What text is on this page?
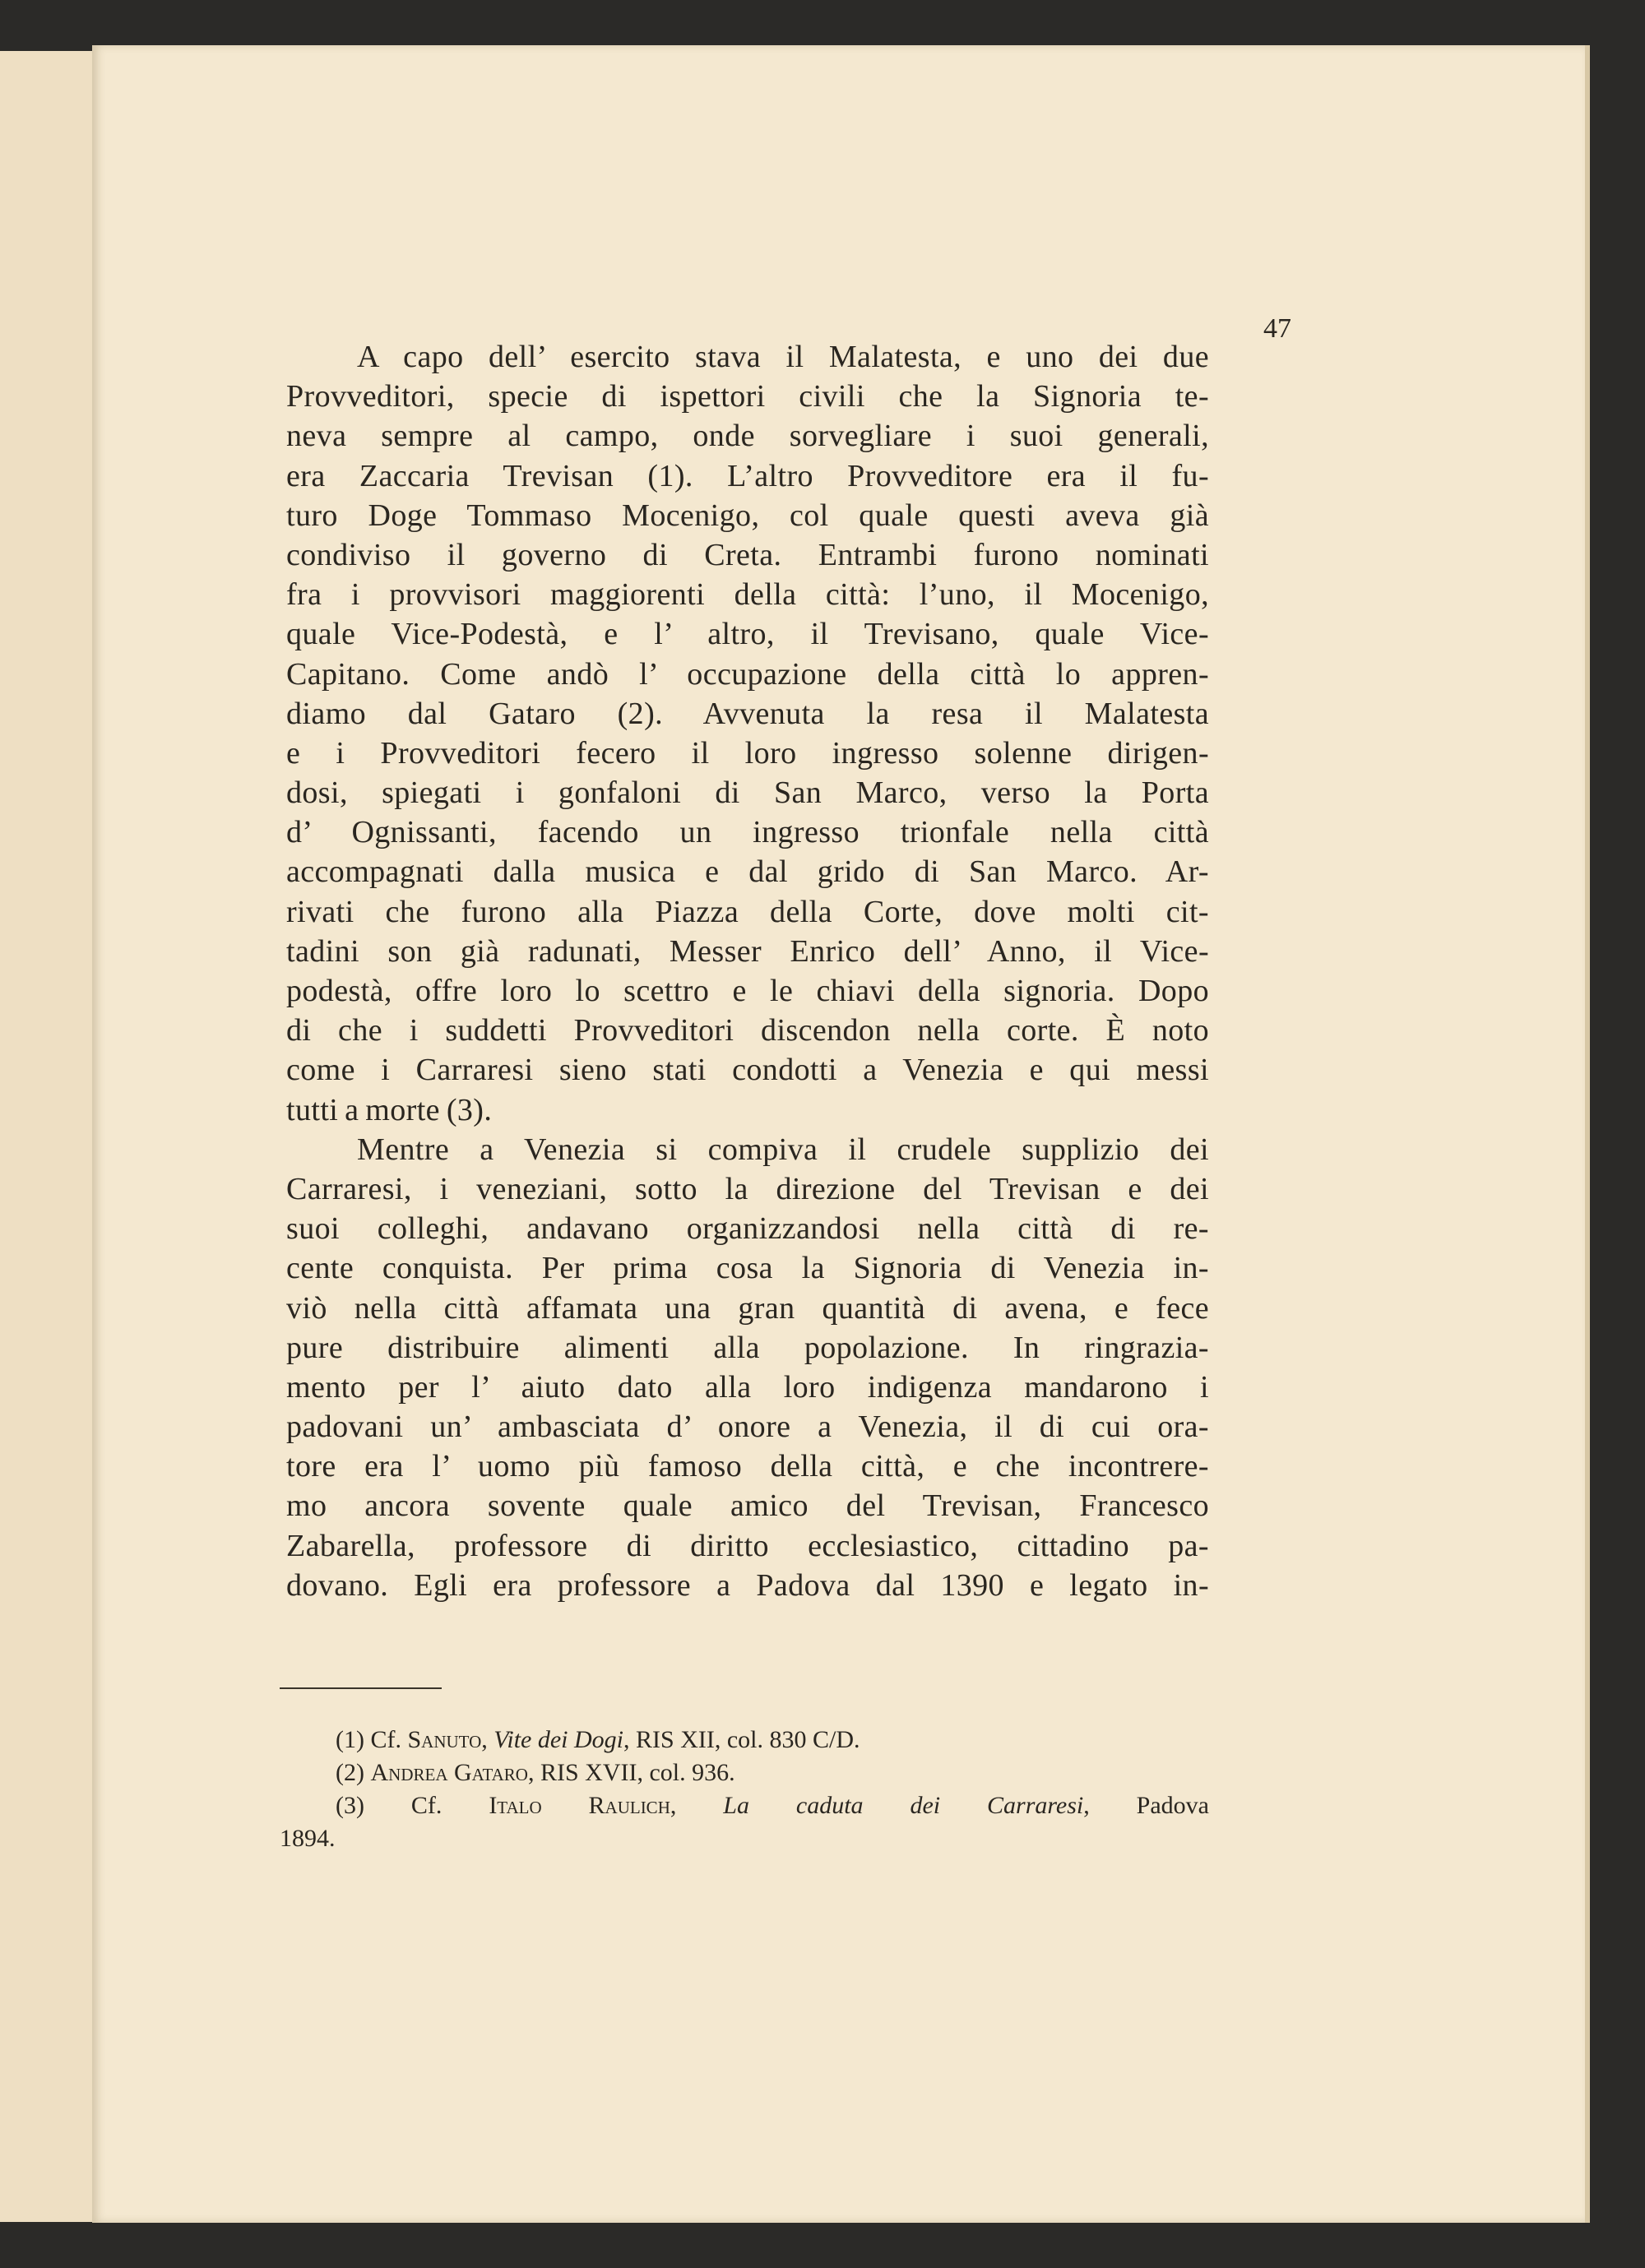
47
A capo dell’ esercito stava il Malatesta, e uno dei due
Provveditori, specie di ispettori civili che la Signoria te-
neva sempre al campo, onde sorvegliare i suoi generali,
era Zaccaria Trevisan (1). L’altro Provveditore era il fu-
turo Doge Tommaso Mocenigo, col quale questi aveva già
condiviso il governo di Creta. Entrambi furono nominati
fra i provvisori maggiorenti della città: l’uno, il Mocenigo,
quale Vice-Podestà, e l’ altro, il Trevisano, quale Vice-
Capitano. Come andò l’ occupazione della città lo appren-
diamo dal Gataro (2). Avvenuta la resa il Malatesta
e i Provveditori fecero il loro ingresso solenne dirigen-
dosi, spiegati i gonfaloni di San Marco, verso la Porta
d’ Ognissanti, facendo un ingresso trionfale nella città
accompagnati dalla musica e dal grido di San Marco. Ar-
rivati che furono alla Piazza della Corte, dove molti cit-
tadini son già radunati, Messer Enrico dell’ Anno, il Vice-
podestà, offre loro lo scettro e le chiavi della signoria. Dopo
di che i suddetti Provveditori discendon nella corte. È noto
come i Carraresi sieno stati condotti a Venezia e qui messi
tutti a morte (3).
Mentre a Venezia si compiva il crudele supplizio dei
Carraresi, i veneziani, sotto la direzione del Trevisan e dei
suoi colleghi, andavano organizzandosi nella città di re-
cente conquista. Per prima cosa la Signoria di Venezia in-
viò nella città affamata una gran quantità di avena, e fece
pure distribuire alimenti alla popolazione. In ringrazia-
mento per l’ aiuto dato alla loro indigenza mandarono i
padovani un’ ambasciata d’ onore a Venezia, il di cui ora-
tore era l’ uomo più famoso della città, e che incontrere-
mo ancora sovente quale amico del Trevisan, Francesco
Zabarella, professore di diritto ecclesiastico, cittadino pa-
dovano. Egli era professore a Padova dal 1390 e legato in-
(1) Cf. Sanuto, Vite dei Dogi, RIS XII, col. 830 C/D.
(2) Andrea Gataro, RIS XVII, col. 936.
(3) Cf. Italo Raulich, La caduta dei Carraresi, Padova
1894.
